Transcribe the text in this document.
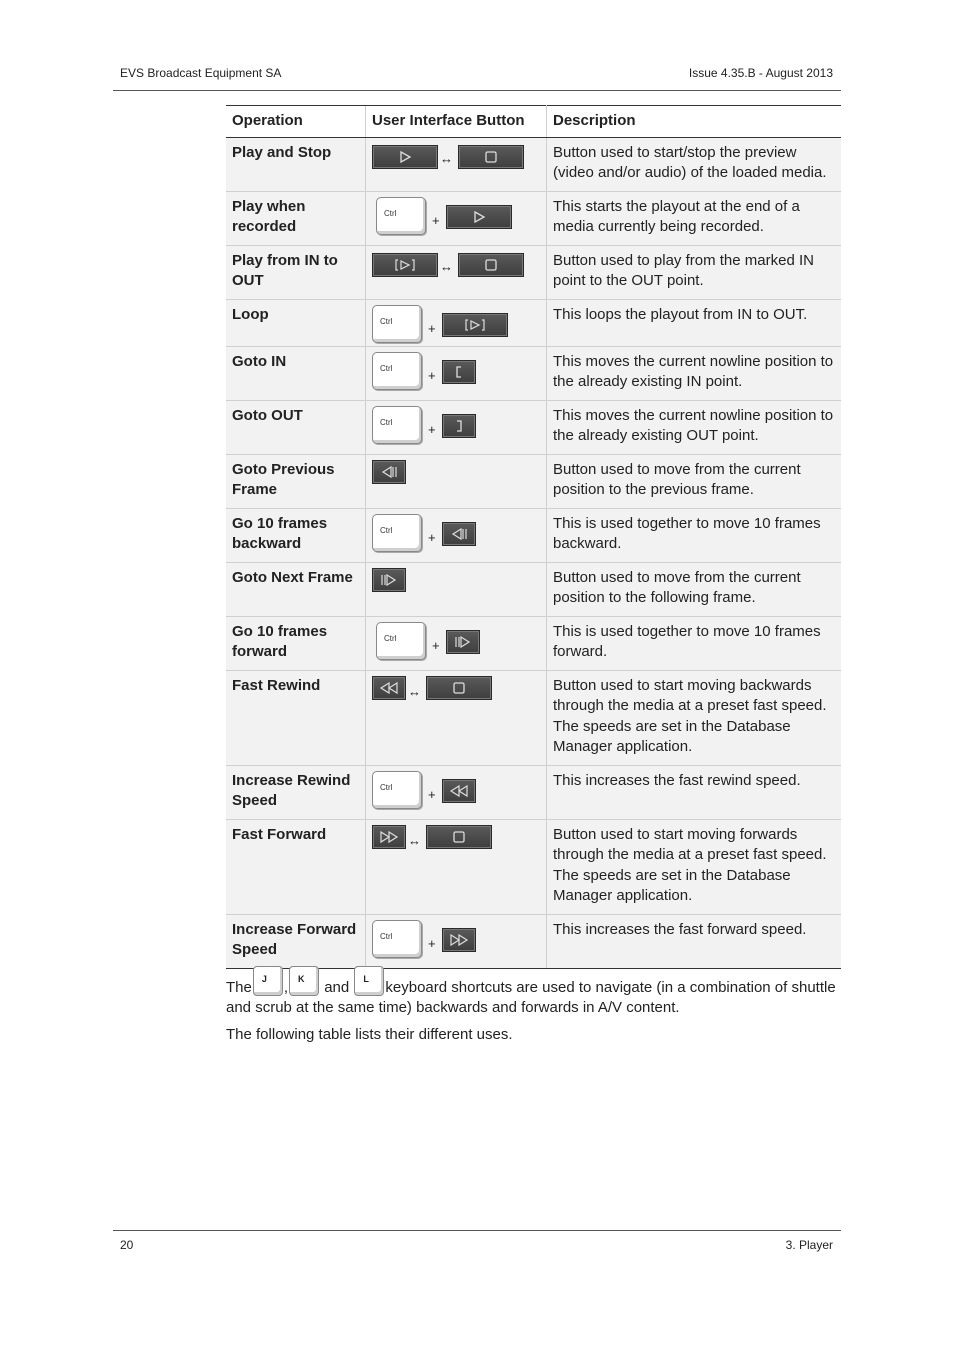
EVS Broadcast Equipment SA	Issue 4.35.B - August 2013
Operation	User Interface Button	Description
Play and Stop	↔	Button used to start/stop the preview (video and/or audio) of the loaded media.
Play when recorded	Ctrl +	This starts the playout at the end of a media currently being recorded.
Play from IN to OUT	↔	Button used to play from the marked IN point to the OUT point.
Loop	Ctrl +	This loops the playout from IN to OUT.
Goto IN	Ctrl +	This moves the current nowline position to the already existing IN point.
Goto OUT	Ctrl +	This moves the current nowline position to the already existing OUT point.
Goto Previous Frame		Button used to move from the current position to the previous frame.
Go 10 frames backward	Ctrl +	This is used together to move 10 frames backward.
Goto Next Frame		Button used to move from the current position to the following frame.
Go 10 frames forward	Ctrl +	This is used together to move 10 frames forward.
Fast Rewind	↔	Button used to start moving backwards through the media at a preset fast speed. The speeds are set in the Database Manager application.
Increase Rewind Speed	Ctrl +	This increases the fast rewind speed.
Fast Forward	↔	Button used to start moving forwards through the media at a preset fast speed. The speeds are set in the Database Manager application.
Increase Forward Speed	Ctrl +	This increases the fast forward speed.
The J , K and L keyboard shortcuts are used to navigate (in a combination of shuttle and scrub at the same time) backwards and forwards in A/V content.
The following table lists their different uses.
20	3. Player
